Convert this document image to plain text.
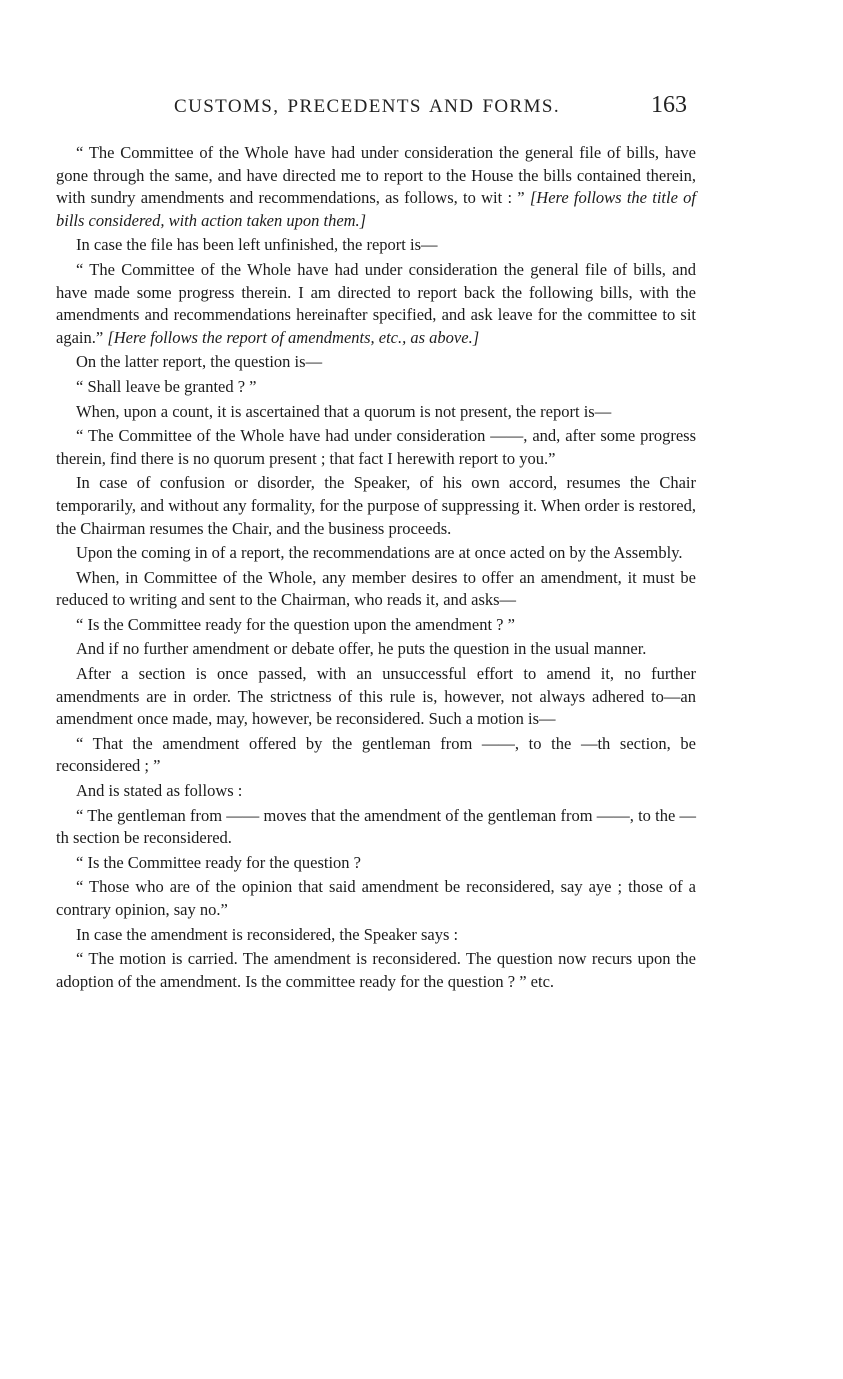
CUSTOMS, PRECEDENTS AND FORMS.	163

“ The Committee of the Whole have had under consideration the general file of bills, have gone through the same, and have directed me to report to the House the bills contained therein, with sundry amendments and recommendations, as follows, to wit : ” [Here follows the title of bills considered, with action taken upon them.]

In case the file has been left unfinished, the report is—

“ The Committee of the Whole have had under consideration the general file of bills, and have made some progress therein. I am directed to report back the following bills, with the amendments and recommendations hereinafter specified, and ask leave for the committee to sit again.” [Here follows the report of amendments, etc., as above.]

On the latter report, the question is—

“ Shall leave be granted ? ”

When, upon a count, it is ascertained that a quorum is not present, the report is—

“ The Committee of the Whole have had under consideration ——, and, after some progress therein, find there is no quorum present ; that fact I herewith report to you.”

In case of confusion or disorder, the Speaker, of his own accord, resumes the Chair temporarily, and without any formality, for the purpose of suppressing it. When order is restored, the Chairman resumes the Chair, and the business proceeds.

Upon the coming in of a report, the recommendations are at once acted on by the Assembly.

When, in Committee of the Whole, any member desires to offer an amendment, it must be reduced to writing and sent to the Chairman, who reads it, and asks—

“ Is the Committee ready for the question upon the amendment ? ”

And if no further amendment or debate offer, he puts the question in the usual manner.

After a section is once passed, with an unsuccessful effort to amend it, no further amendments are in order. The strictness of this rule is, however, not always adhered to—an amendment once made, may, however, be reconsidered. Such a motion is—

“ That the amendment offered by the gentleman from ——, to the —th section, be reconsidered ; ”

And is stated as follows :

“ The gentleman from —— moves that the amendment of the gentleman from ——, to the —th section be reconsidered.

“ Is the Committee ready for the question ?

“ Those who are of the opinion that said amendment be reconsidered, say aye ; those of a contrary opinion, say no.”

In case the amendment is reconsidered, the Speaker says :

“ The motion is carried. The amendment is reconsidered. The question now recurs upon the adoption of the amendment. Is the committee ready for the question ? ” etc.
